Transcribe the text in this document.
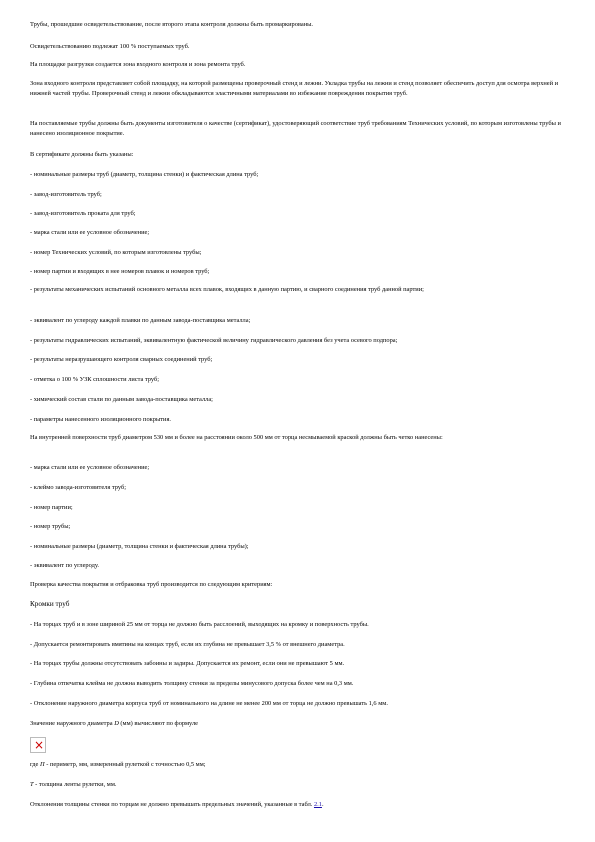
Трубы, прошедшие освидетельствование, после второго этапа контроля должны быть промаркированы.

Освидетельствованию подлежат 100 % поступаемых труб.

На площадке разгрузки создается зона входного контроля и зона ремонта труб.

Зона входного контроля представляет собой площадку, на которой размещены проверочный стенд и лежни. Укладка трубы на лежни и стенд позволяет обеспечить доступ для осмотра верхней и нижней частей трубы. Проверочный стенд и лежни обкладываются эластичными материалами во избежание повреждения покрытия труб.

На поставляемые трубы должны быть документы изготовителя о качестве (сертификат), удостоверяющий соответствие труб требованиям Технических условий, по которым изготовлены трубы и нанесено изоляционное покрытие.

В сертификате должны быть указаны:

- номинальные размеры труб (диаметр, толщина стенки) и фактическая длина труб;

- завод-изготовитель труб;

- завод-изготовитель проката для труб;

- марка стали или ее условное обозначение;

- номер Технических условий, по которым изготовлены трубы;

- номер партии и входящих в нее номеров плавок и номеров труб;

- результаты механических испытаний основного металла всех плавок, входящих в данную партию, и сварного соединения труб данной партии;

- эквивалент по углероду каждой плавки по данным завода-поставщика металла;

- результаты гидравлических испытаний, эквивалентную фактической величину гидравлического давления без учета осевого подпора;

- результаты неразрушающего контроля сварных соединений труб;

- отметка о 100 % УЗК сплошности листа труб;

- химический состав стали по данным завода-поставщика металла;

- параметры нанесенного изоляционного покрытия.

На внутренней поверхности труб диаметром 530 мм и более на расстоянии около 500 мм от торца несмываемой краской должны быть четко нанесены:

- марка стали или ее условное обозначение;

- клеймо завода-изготовителя труб;

- номер партии;

- номер трубы;

- номинальные размеры (диаметр, толщина стенки и фактическая длина трубы);

- эквивалент по углероду.

Проверка качества покрытия и отбраковка труб производится по следующим критериям:

Кромки труб

- На торцах труб и в зоне шириной 25 мм от торца не должно быть расслоений, выходящих на кромку и поверхность трубы.

- Допускается ремонтировать вмятины на концах труб, если их глубина не превышает 3,5 % от внешнего диаметра.

- На торцах трубы должны отсутствовать забоины и задиры. Допускается их ремонт, если они не превышают 5 мм.

- Глубина отпечатка клейма не должна выводить толщину стенки за пределы минусового допуска более чем на 0,3 мм.

- Отклонение наружного диаметра корпуса труб от номинального на длине не менее 200 мм от торца не должно превышать 1,6 мм.

Значение наружного диаметра D (мм) вычисляют по формуле

×

где П - периметр, мм, измеренный рулеткой с точностью 0,5 мм;

Т - толщина ленты рулетки, мм.

Отклонения толщины стенки по торцам не должно превышать предельных значений, указанные в табл. 2.1.
